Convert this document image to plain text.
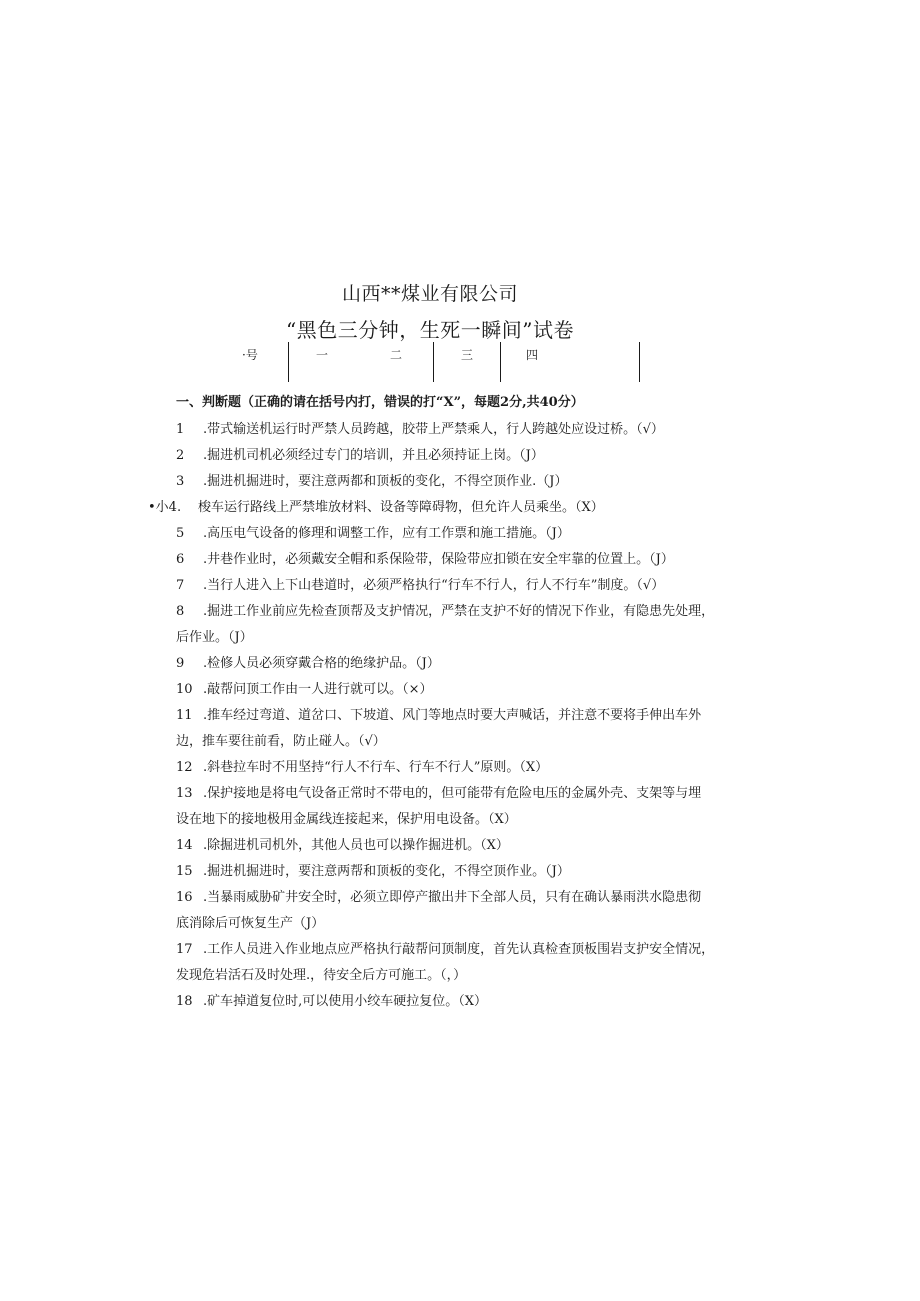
山西**煤业有限公司
“黑色三分钟，生死一瞬间”试卷
·号	一	二	三	四
一、判断题（正确的请在括号内打，错误的打“X”，每题2分,共40分）
1 .带式输送机运行时严禁人员跨越，胶带上严禁乘人，行人跨越处应设过桥。（√）
2 .掘进机司机必须经过专门的培训，并且必须持证上岗。（J）
3 .掘进机掘进时，要注意两都和顶板的变化，不得空顶作业.（J）
•小4. 梭车运行路线上严禁堆放材料、设备等障碍物，但允许人员乘坐。（X）
5 .高压电气设备的修理和调整工作，应有工作票和施工措施。（J）
6 .井巷作业时，必须戴安全帽和系保险带，保险带应扣锁在安全牢靠的位置上。（J）
7 .当行人进入上下山巷道时，必须严格执行“行车不行人，行人不行车”制度。（√）
8 .掘进工作业前应先检查顶帮及支护情况，严禁在支护不好的情况下作业，有隐患先处理，
后作业。（J）
9 .检修人员必须穿戴合格的绝缘护品。（J）
10 .敲帮问顶工作由一人进行就可以。（×）
11 .推车经过弯道、道岔口、下坡道、风门等地点时要大声喊话，并注意不要将手伸出车外
边，推车要往前看，防止碰人。（√）
12 .斜巷拉车时不用坚持“行人不行车、行车不行人”原则。（X）
13 .保护接地是将电气设备正常时不带电的，但可能带有危险电压的金属外壳、支架等与埋
设在地下的接地极用金属线连接起来，保护用电设备。（X）
14 .除掘进机司机外，其他人员也可以操作掘进机。（X）
15 .掘进机掘进时，要注意两帮和顶板的变化，不得空顶作业。（J）
16 .当暴雨威胁矿井安全时，必须立即停产撤出井下全部人员，只有在确认暴雨洪水隐患彻
底消除后可恢复生产（J）
17 .工作人员进入作业地点应严格执行敲帮问顶制度，首先认真检查顶板围岩支护安全情况，
发现危岩活石及时处理.，待安全后方可施工。（，）
18 .矿车掉道复位时,可以使用小绞车硬拉复位。（X）
